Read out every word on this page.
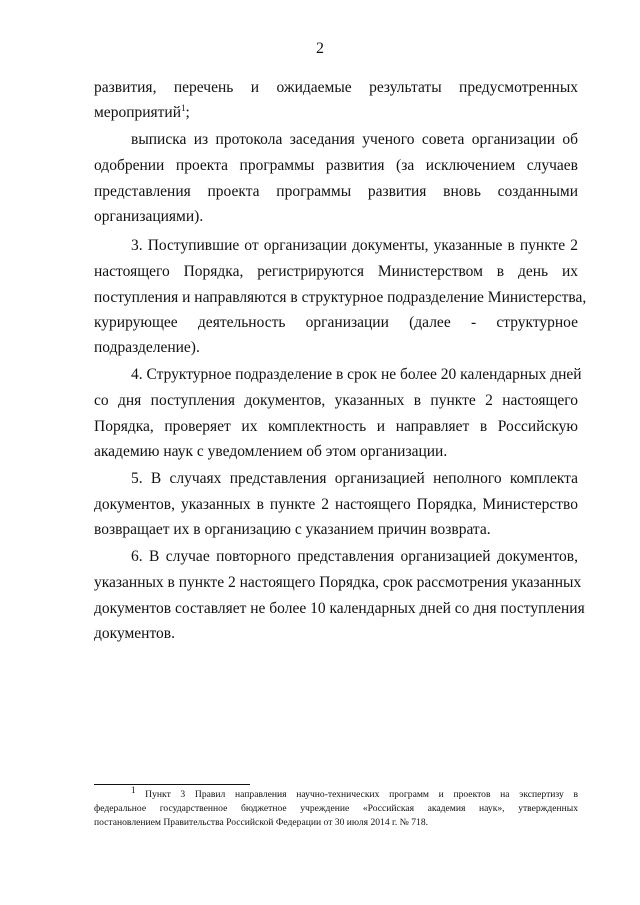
2
развития, перечень и ожидаемые результаты предусмотренных
мероприятий$^1$;
выписка из протокола заседания ученого совета организации об
одобрении проекта программы развития (за исключением случаев
представления проекта программы развития вновь созданными
организациями).
3. Поступившие от организации документы, указанные в пункте 2
настоящего Порядка, регистрируются Министерством в день их
поступления и направляются в структурное подразделение Министерства,
курирующее деятельность организации (далее - структурное
подразделение).
4. Структурное подразделение в срок не более 20 календарных дней
со дня поступления документов, указанных в пункте 2 настоящего
Порядка, проверяет их комплектность и направляет в Российскую
академию наук с уведомлением об этом организации.
5. В случаях представления организацией неполного комплекта
документов, указанных в пункте 2 настоящего Порядка, Министерство
возвращает их в организацию с указанием причин возврата.
6. В случае повторного представления организацией документов,
указанных в пункте 2 настоящего Порядка, срок рассмотрения указанных
документов составляет не более 10 календарных дней со дня поступления
документов.
$^1$ Пункт 3 Правил направления научно-технических программ и проектов на экспертизу в
федеральное государственное бюджетное учреждение «Российская академия наук», утвержденных
постановлением Правительства Российской Федерации от 30 июля 2014 г. № 718.
